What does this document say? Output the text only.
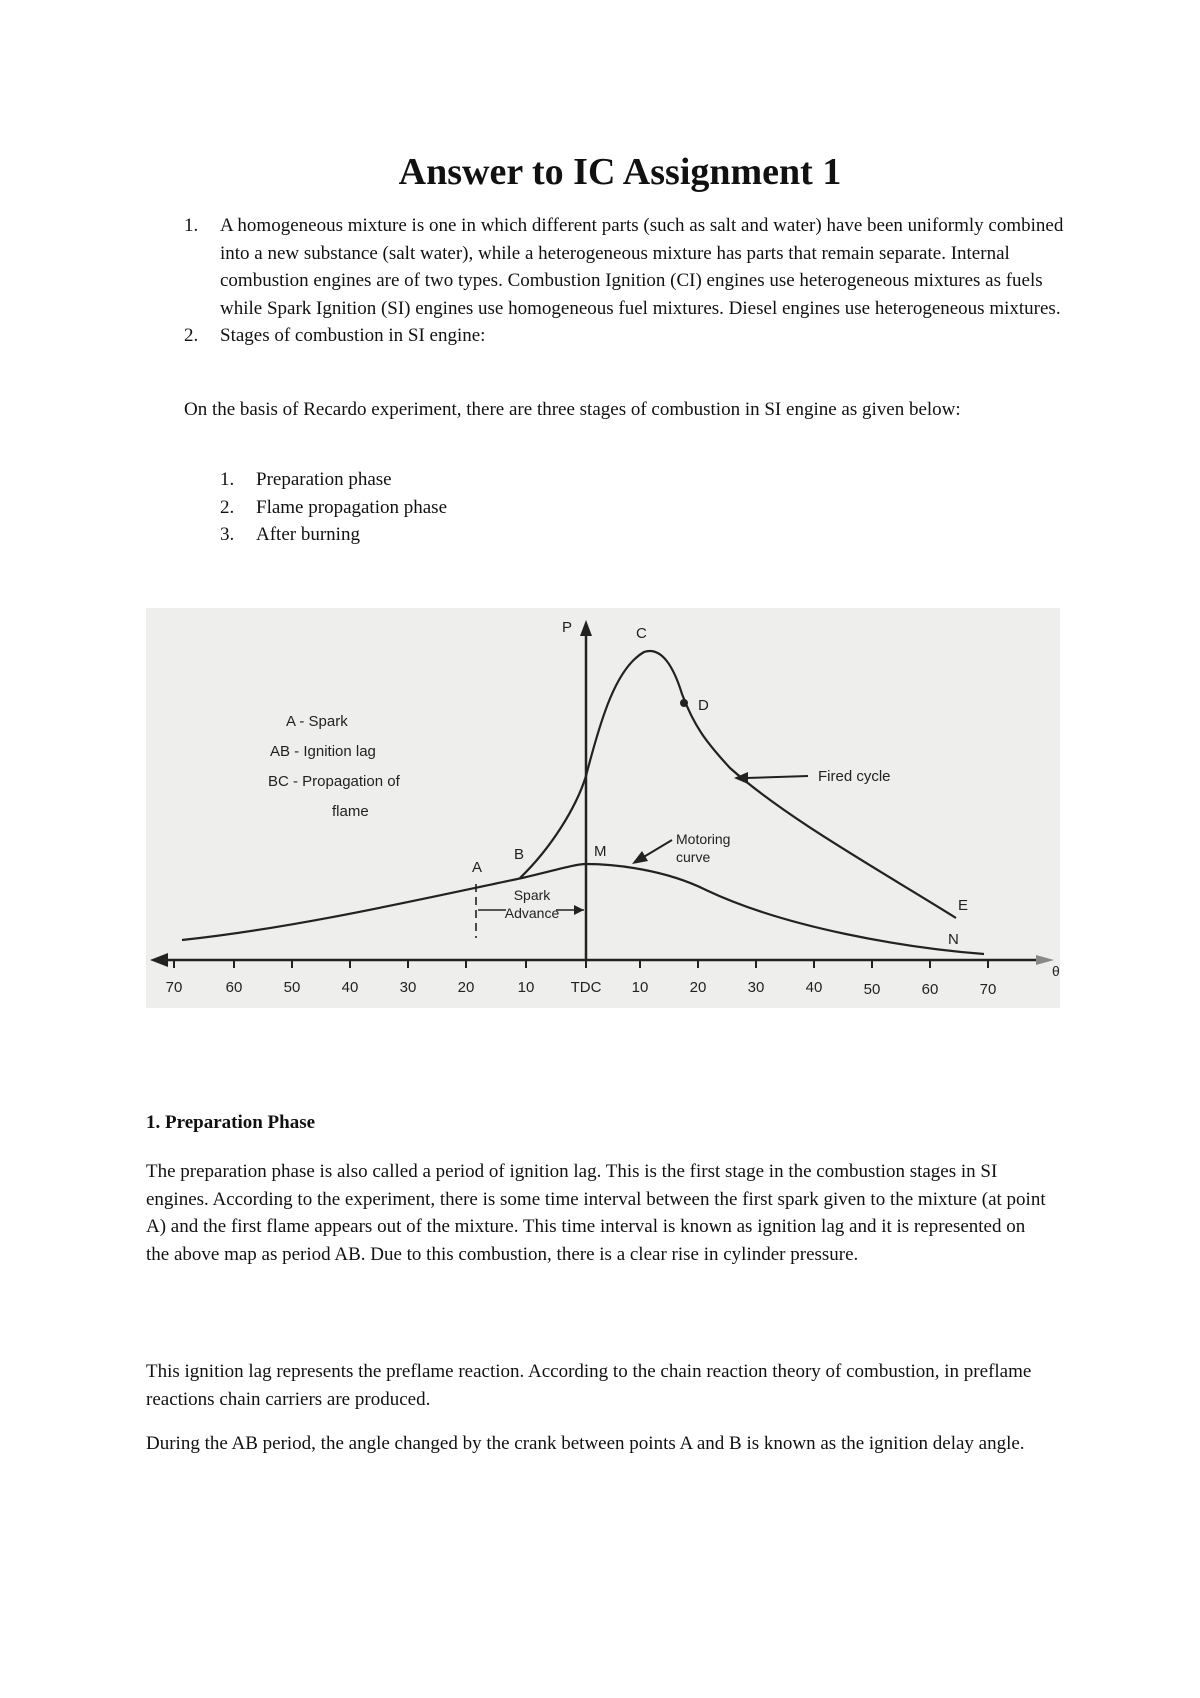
Answer to IC Assignment 1
1. A homogeneous mixture is one in which different parts (such as salt and water) have been uniformly combined into a new substance (salt water), while a heterogeneous mixture has parts that remain separate. Internal combustion engines are of two types. Combustion Ignition (CI) engines use heterogeneous mixtures as fuels while Spark Ignition (SI) engines use homogeneous fuel mixtures. Diesel engines use heterogeneous mixtures.
2. Stages of combustion in SI engine:

On the basis of Recardo experiment, there are three stages of combustion in SI engine as given below:

1. Preparation phase
2. Flame propagation phase
3. After burning
θ
P
70	60	50	40	30	20	10 TDC 10	20	30	40	50	60	70
A
B
C
D
M
E
N
Fired cycle
Motoring
curve
Spark
Advance
A - Spark
AB - Ignition lag
BC - Propagation of
flame

1. Preparation Phase

The preparation phase is also called a period of ignition lag. This is the first stage in the combustion stages in SI engines. According to the experiment, there is some time interval between the first spark given to the mixture (at point A) and the first flame appears out of the mixture. This time interval is known as ignition lag and it is represented on the above map as period AB. Due to this combustion, there is a clear rise in cylinder pressure.

This ignition lag represents the preflame reaction. According to the chain reaction theory of combustion, in preflame reactions chain carriers are produced.

During the AB period, the angle changed by the crank between points A and B is known as the ignition delay angle.
